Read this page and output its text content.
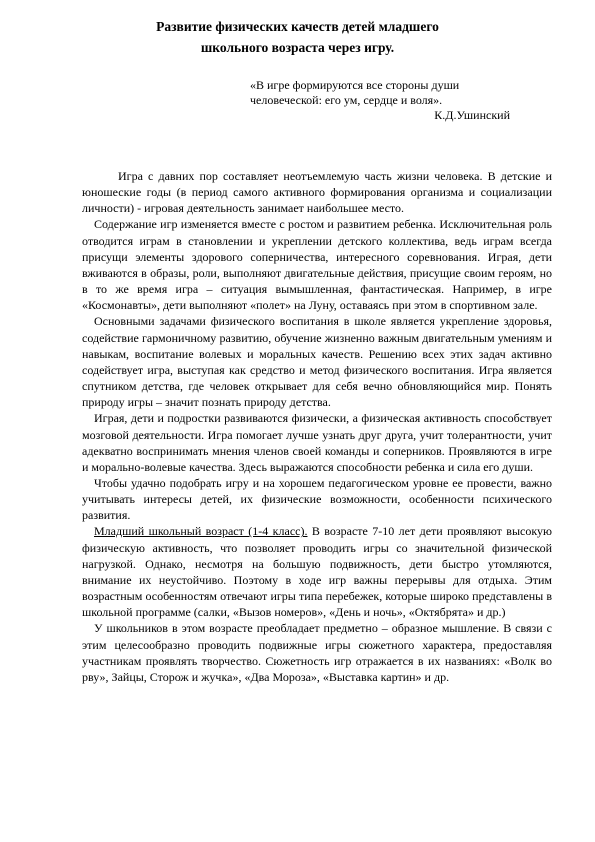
Развитие физических качеств детей младшего
школьного возраста через игру.
«В игре формируются все стороны души
человеческой: его ум, сердце и воля».
К.Д.Ушинский

Игра с давних пор составляет неотъемлемую часть жизни человека. В детские и юношеские годы (в период самого активного формирования организма и социализации личности) - игровая деятельность занимает наибольшее место.

Содержание игр изменяется вместе с ростом и развитием ребенка. Исключительная роль отводится играм в становлении и укреплении детского коллектива, ведь играм всегда присущи элементы здорового соперничества, интересного соревнования. Играя, дети вживаются в образы, роли, выполняют двигательные действия, присущие своим героям, но в то же время игра – ситуация вымышленная, фантастическая. Например, в игре «Космонавты», дети выполняют «полет» на Луну, оставаясь при этом в спортивном зале.

Основными задачами физического воспитания в школе является укрепление здоровья, содействие гармоничному развитию, обучение жизненно важным двигательным умениям и навыкам, воспитание волевых и моральных качеств. Решению всех этих задач активно содействует игра, выступая как средство и метод физического воспитания. Игра является спутником детства, где человек открывает для себя вечно обновляющийся мир. Понять природу игры – значит познать природу детства.

Играя, дети и подростки развиваются физически, а физическая активность способствует мозговой деятельности. Игра помогает лучше узнать друг друга, учит толерантности, учит адекватно воспринимать мнения членов своей команды и соперников. Проявляются в игре и морально-волевые качества. Здесь выражаются способности ребенка и сила его души.

Чтобы удачно подобрать игру и на хорошем педагогическом уровне ее провести, важно учитывать интересы детей, их физические возможности, особенности психического развития.

Младший школьный возраст (1-4 класс). В возрасте 7-10 лет дети проявляют высокую физическую активность, что позволяет проводить игры со значительной физической нагрузкой. Однако, несмотря на большую подвижность, дети быстро утомляются, внимание их неустойчиво. Поэтому в ходе игр важны перерывы для отдыха. Этим возрастным особенностям отвечают игры типа перебежек, которые широко представлены в школьной программе (салки, «Вызов номеров», «День и ночь», «Октябрята» и др.)

У школьников в этом возрасте преобладает предметно – образное мышление. В связи с этим целесообразно проводить подвижные игры сюжетного характера, предоставляя участникам проявлять творчество. Сюжетность игр отражается в их названиях: «Волк во рву», Зайцы, Сторож и жучка», «Два Мороза», «Выставка картин» и др.
